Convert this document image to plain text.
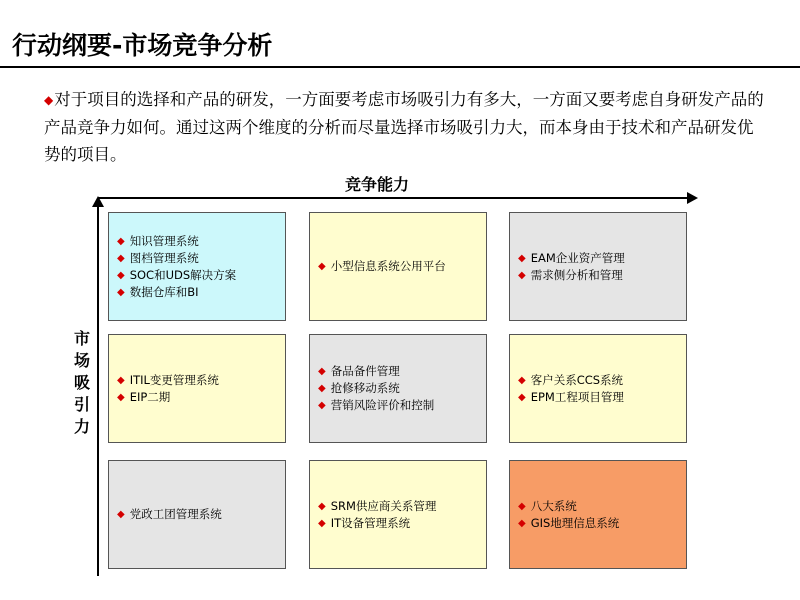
行动纲要-市场竞争分析
◆对于项目的选择和产品的研发，一方面要考虑市场吸引力有多大，一方面又要考虑自身研发产品的产品竞争力如何。通过这两个维度的分析而尽量选择市场吸引力大，而本身由于技术和产品研发优势的项目。
竞争能力
市
场
吸
引
力
◆ 知识管理系统
◆ 图档管理系统
◆ SOC和UDS解决方案
◆ 数据仓库和BI
◆ 小型信息系统公用平台
◆ EAM企业资产管理
◆ 需求侧分析和管理
◆ ITIL变更管理系统
◆ EIP二期
◆ 备品备件管理
◆ 抢修移动系统
◆ 营销风险评价和控制
◆ 客户关系CCS系统
◆ EPM工程项目管理
◆ 党政工团管理系统
◆ SRM供应商关系管理
◆ IT设备管理系统
◆ 八大系统
◆ GIS地理信息系统
